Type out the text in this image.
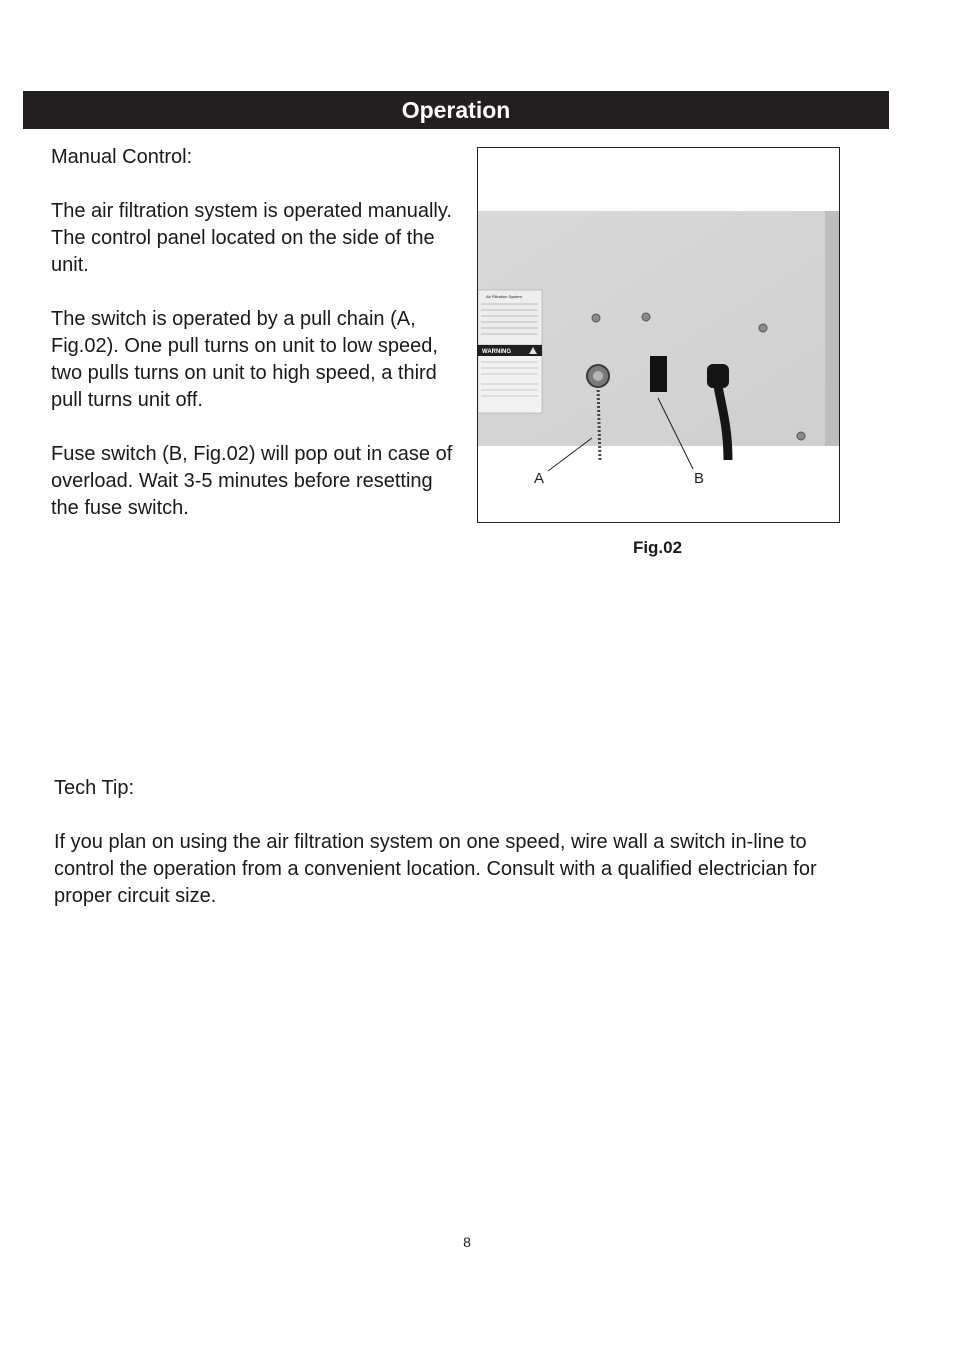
Operation

Manual Control:

The air filtration system is operated manually. The control panel located on the side of the unit.

The switch is operated by a pull chain (A, Fig.02). One pull turns on unit to low speed, two pulls turns on unit to high speed, a third pull turns unit off.

Fuse switch (B, Fig.02) will pop out in case of overload. Wait 3-5 minutes before resetting the fuse switch.

Air Filtration System
WARNING
A	B
Fig.02

Tech Tip:

If you plan on using the air filtration system on one speed, wire wall a switch in-line to control the operation from a convenient location. Consult with a qualified electrician for proper circuit size.

8
